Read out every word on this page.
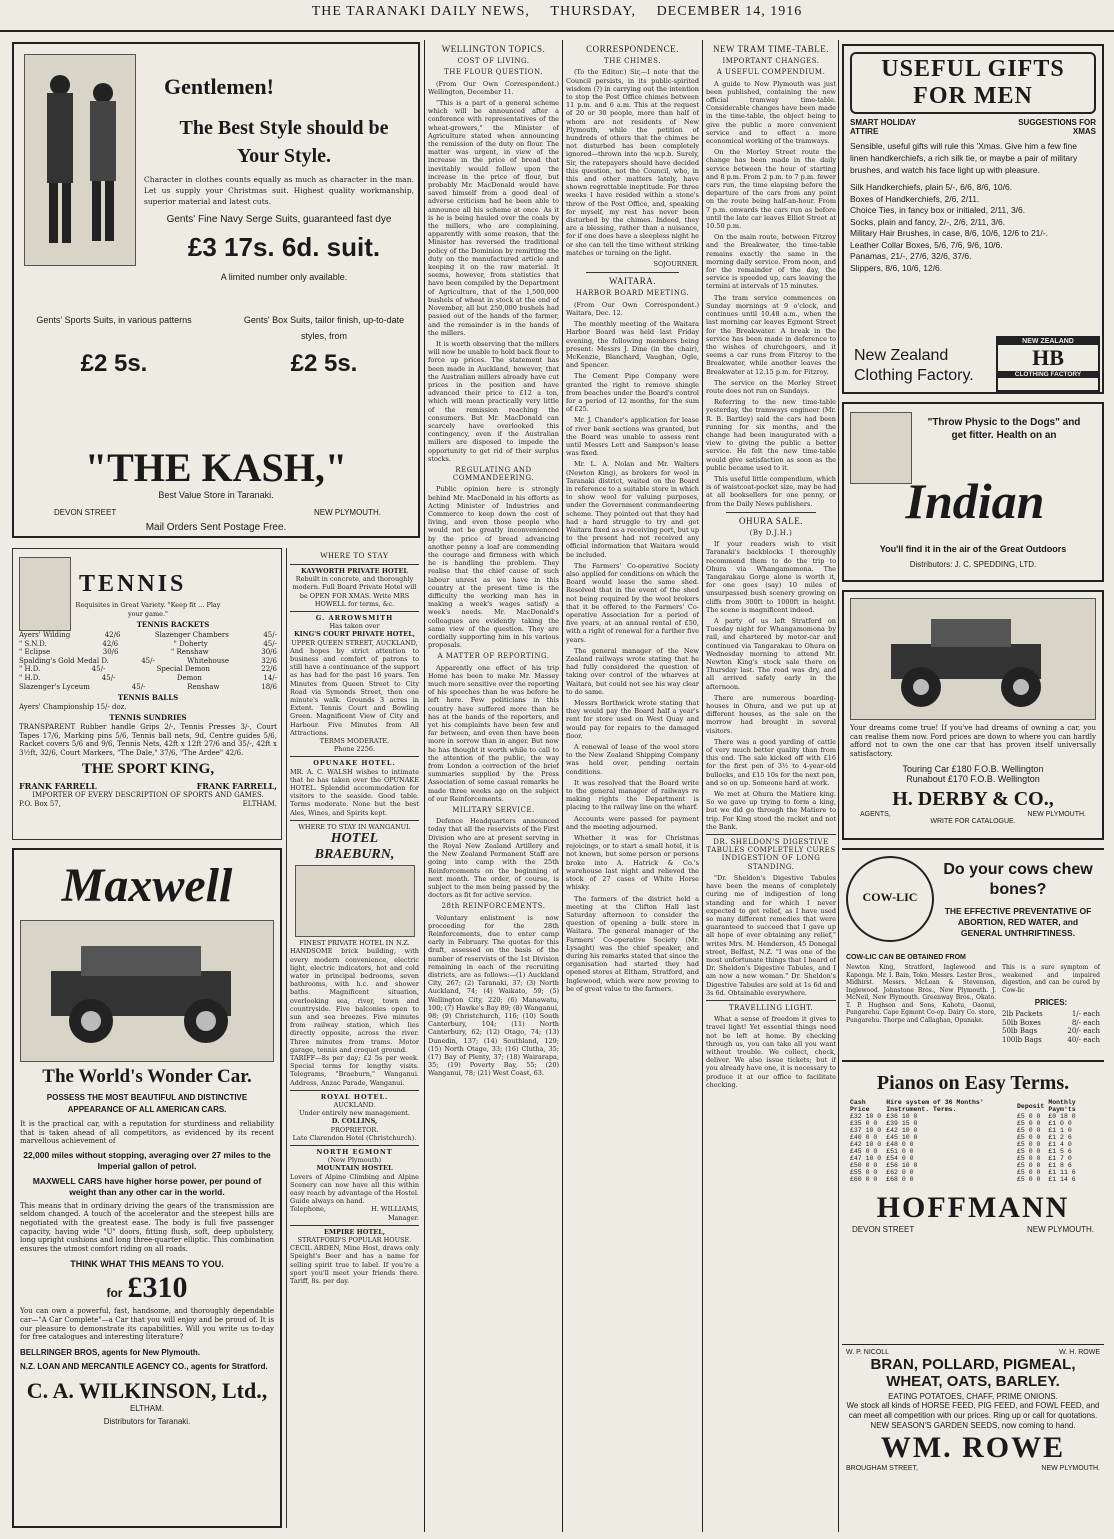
THE TARANAKI DAILY NEWS, THURSDAY, DECEMBER 14, 1916
Gentlemen!
The Best Style should be Your Style.
Character in clothes counts equally as much as character in the man. Let us supply your Christmas suit. Highest quality workmanship, superior material and latest cuts.
Gents' Fine Navy Serge Suits, guaranteed fast dye
£3 17s. 6d. suit.
A limited number only available.
Gents' Sports Suits, in various patterns
£2 5s.
Gents' Box Suits, tailor finish, up-to-date styles, from
£2 5s.
"THE KASH,"
Best Value Store in Taranaki.
DEVON STREET	NEW PLYMOUTH.
Mail Orders Sent Postage Free.
TENNIS
Requisites in Great Variety. "Keep fit ... Play your game."
TENNIS RACKETS
Ayers' Wilding	42/6	Slazenger Chambers	45/-
" S.N.D.	42/6	" Doherty	45/-
" Eclipse	30/6	" Renshaw	30/6
Spalding's Gold Medal D.	45/-	Whitehouse	32/6
" H.D.	45/-	Special Demon	22/6
" H.D.	45/-	Demon	14/-
Slazenger's Lyceum	45/-	Renshaw	18/6
TENNIS BALLS
Ayers' Championship 15/- doz.
TENNIS SUNDRIES
TRANSPARENT Rubber handle Grips 2/-, Tennis Presses 3/-, Court Tapes 17/6, Marking pins 5/6, Tennis ball nets, 9d, Centre guides 5/6, Racket covers 5/6 and 9/6, Tennis Nets, 42ft x 12ft 27/6 and 35/-, 42ft x 3½ft, 32/6, Court Markers, "The Dale," 37/6, "The Ardee" 42/6.
THE SPORT KING,
FRANK FARRELL	FRANK FARRELL,
IMPORTER OF EVERY DESCRIPTION OF SPORTS AND GAMES.
P.O. Box 57,	ELTHAM.
WHERE TO STAY
KAYWORTH PRIVATE HOTEL
Rebuilt in concrete, and thoroughly modern. Full Board Private Hotel will be OPEN FOR XMAS. Write MRS HOWELL for terms, &c.
G. ARROWSMITH
Has taken over
KING'S COURT PRIVATE HOTEL,
UPPER QUEEN STREET, AUCKLAND,
And hopes by strict attention to business and comfort of patrons to still have a continuance of the support as has had for the past 16 years. Ten Minutes from Queen Street to City Road via Symonds Street, then one minute's walk. Grounds 3 acres in Extent. Tennis Court and Bowling Green. Magnificent View of City and Harbour. Five Minutes from All Attractions.
TERMS MODERATE.
Phone 2256.
OPUNAKE HOTEL.
MR. A. C. WALSH wishes to intimate that he has taken over the OPUNAKE HOTEL. Splendid accommodation for visitors to the seaside. Good table. Terms moderate. None but the best Ales, Wines, and Spirits kept.
WHERE TO STAY IN WANGANUI.
HOTEL BRAEBURN,
FINEST PRIVATE HOTEL IN N.Z.
HANDSOME brick building, with every modern convenience, electric light, electric indicators, hot and cold water in principal bedrooms, seven bathrooms, with h.c. and shower baths. Magnificent situation, overlooking sea, river, town and countryside. Five balconies open to sun and sea breezes. Five minutes from railway station, which lies directly opposite, across the river. Three minutes from trams. Motor garage, tennis and croquet ground.
TARIFF—8s per day; £2 5s per week. Special terms for lengthy visits. Telegrams, "Braeburn," Wanganui. Address, Anzac Parade, Wanganui.
ROYAL HOTEL.
AUCKLAND.
Under entirely new management.
D. COLLINS,
PROPRIETOR.
Late Clarendon Hotel (Christchurch).
NORTH EGMONT
(New Plymouth)
MOUNTAIN HOSTEL
Lovers of Alpine Climbing and Alpine Scenery can now have all this within easy reach by advantage of the Hostel. Guide always on hand.
Telephone,	H. WILLIAMS,
Manager.
EMPIRE HOTEL,
STRATFORD'S POPULAR HOUSE.
CECIL ARDEN, Mine Host, draws only Speight's Beer and has a name for selling spirit true to label. If you're a sport you'll meet your friends there. Tariff, 8s. per day.
Maxwell
The World's Wonder Car.
POSSESS THE MOST BEAUTIFUL AND DISTINCTIVE APPEARANCE OF ALL AMERICAN CARS.
It is the practical car, with a reputation for sturdiness and reliability that is taken ahead of all competitors, as evidenced by its recent marvellous achievement of
22,000 miles without stopping, averaging over 27 miles to the Imperial gallon of petrol.
MAXWELL CARS have higher horse power, per pound of weight than any other car in the world.
This means that in ordinary driving the gears of the transmission are seldom changed. A touch of the accelerator and the steepest hills are negotiated with the greatest ease. The body is full five passenger capacity, having wide "U" doors, fitting flush, soft, deep upholstery, long upright cushions and long three-quarter elliptic. This combination ensures the utmost comfort riding on all roads.
THINK WHAT THIS MEANS TO YOU.
for £310
You can own a powerful, fast, handsome, and thoroughly dependable car—"A Car Complete"—a Car that you will enjoy and be proud of. It is our pleasure to demonstrate its capabilities. Will you write us to-day for free catalogues and interesting literature?
BELLRINGER BROS, agents for New Plymouth.
N.Z. LOAN AND MERCANTILE AGENCY CO., agents for Stratford.
C. A. WILKINSON, Ltd.,
ELTHAM.
Distributors for Taranaki.
WELLINGTON TOPICS.
COST OF LIVING.
THE FLOUR QUESTION.

(From Our Own Correspondent.) Wellington, December 11.

"This is a part of a general scheme which will be announced after a conference with representatives of the wheat-growers," the Minister of Agriculture stated when announcing the remission of the duty on flour. The matter was urgent, in view of the increase in the price of bread that inevitably would follow upon the increase in the price of flour, but probably Mr. MacDonald would have saved himself from a good deal of adverse criticism had he been able to announce all his scheme at once. As it is he is being hauled over the coals by the millers, who are complaining, apparently with some reason, that the Minister has reversed the traditional policy of the Dominion by remitting the duty on the manufactured article and keeping it on the raw material. It seems, however, from statistics that have been compiled by the Department of Agriculture, that of the 1,500,000 bushels of wheat in stock at the end of November, all but 250,000 bushels had passed out of the hands of the farmer, and the remainder is in the hands of the millers.

It is worth observing that the millers will now be unable to hold back flour to force up prices. The statement has been made in Auckland, however, that the Australian millers already have cut prices in the position and have advanced their price to £12 a ton, which will mean practically very little of the remission reaching the consumers. But Mr. MacDonald can scarcely have overlooked this contingency, even if the Australian millers are disposed to impede the opportunity to get rid of their surplus stocks.

REGULATING AND COMMANDEERING.

Public opinion here is strongly behind Mr. MacDonald in his efforts as Acting Minister of Industries and Commerce to keep down the cost of living, and even those people who would not be greatly inconvenienced by the price of bread advancing another penny a loaf are commending the courage and firmness with which he is handling the problem. They realise that the chief cause of such labour unrest as we have in this country at the present time is the difficulty the working man has in making a week's wages satisfy a week's needs. Mr. MacDonald's colleagues are evidently taking the same view of the question. They are cordially supporting him in his various proposals.

A MATTER OF REPORTING.

Apparently one effect of his trip Home has been to make Mr. Massey much more sensitive over the reporting of his speeches than he was before he left here. Few politicians in this country have suffered more than he has at the hands of the reporters, and yet his complaints have been few and far between, and even then have been more in sorrow than in anger. But now he has thought it worth while to call to the attention of the public, the way from London a correction of the brief summaries supplied by the Press Association of some casual remarks he made three weeks ago on the subject of our Reinforcements.

MILITARY SERVICE.

Defence Headquarters announced today that all the reservists of the First Division who are at present serving in the Royal New Zealand Artillery and the New Zealand Permanent Staff are going into camp with the 25th Reinforcements on the beginning of next month. The order, of course, is subject to the men being passed by the doctors as fit for active service.

28th REINFORCEMENTS.

Voluntary enlistment is now proceeding for the 28th Reinforcements, due to enter camp early in February. The quotas for this draft, assessed on the basis of the number of reservists of the 1st Division remaining in each of the recruiting districts, are as follows:—(1) Auckland City, 267; (2) Taranaki, 37; (3) North Auckland, 74; (4) Waikato, 59; (5) Wellington City, 220; (6) Manawatu, 100; (7) Hawke's Bay 89; (8) Wanganui, 98; (9) Christchurch, 116; (10) South Canterbury, 104; (11) North Canterbury, 62; (12) Otago, 74; (13) Dunedin, 137; (14) Southland, 129; (15) North Otago, 33; (16) Clutha, 35; (17) Bay of Plenty, 37; (18) Wairarapa, 35; (19) Poverty Bay, 55; (20) Wanganui, 78; (21) West Coast, 63.

CORRESPONDENCE.
THE CHIMES.

(To the Editor.) Sir,—I note that the Council persists, in its public-spirited wisdom (?) in carrying out the intention to stop the Post Office chimes between 11 p.m. and 6 a.m. This at the request of 20 or 30 people, more than half of whom are not residents of New Plymouth, while the petition of hundreds of others that the chimes be not disturbed has been completely ignored—thrown into the w.p.b. Surely, Sir, the ratepayers should have decided this question, not the Council, who, in this and other matters lately, have shown regrettable ineptitude. For three weeks I have resided within a stone's throw of the Post Office, and, speaking for myself, my rest has never been disturbed by the chimes. Indeed, they are a blessing, rather than a nuisance, for if one does have a sleepless night he or she can tell the time without striking matches or turning on the light.

SOJOURNER.
WAITARA.
HARBOR BOARD MEETING.

(From Our Own Correspondent.) Waitara, Dec. 12.

The monthly meeting of the Waitara Harbor Board was held last Friday evening, the following members being present: Messrs J. Dine (in the chair), McKenzie, Blanchard, Vaughan, Ogle, and Spencer.

The Cement Pipe Company were granted the right to remove shingle from beaches under the Board's control for a period of 12 months, for the sum of £25.

Mr. J. Chander's application for lease of river bank sections was granted, but the Board was unable to assess rent until Messrs Lett and Sampson's lease was fixed.

Mr. L. A. Nolan and Mr. Walters (Newton King), as brokers for wool in Taranaki district, waited on the Board in reference to a suitable store in which to show wool for valuing purposes, under the Government commandeering scheme. They pointed out that they had had a hard struggle to try and get Waitara fixed as a receiving port, but up to the present had not received any official information that Waitara would be included.

The Farmers' Co-operative Society also applied for conditions on which the Board would lease the same shed. Resolved that in the event of the shed not being required by the wool brokers that it be offered to the Farmers' Co-operative Association for a period of five years, at an annual rental of £50, with a right of renewal for a further five years.

The general manager of the New Zealand railways wrote stating that he had fully considered the question of taking over control of the wharves at Waitara, but could not see his way clear to do same.

Messrs Borthwick wrote stating that they would pay the Board half a year's rent for store used on West Quay and would pay for repairs to the damaged floor.

A renewal of lease of the wool store to the New Zealand Shipping Company was held over, pending certain conditions.

It was resolved that the Board write to the general manager of railways re making rights the Department is placing to the railway line on the wharf.

Accounts were passed for payment and the meeting adjourned.

Whether it was for Christmas rejoicings, or to start a small hotel, it is not known, but some person or persons broke into A. Hatrick & Co.'s warehouse last night and relieved the stock of 27 cases of White Horse whisky.

The farmers of the district held a meeting at the Clifton Hall last Saturday afternoon to consider the question of opening a bulk store in Waitara. The general manager of the Farmers' Co-operative Society (Mr. Lysaght) was the chief speaker, and during his remarks stated that since the organisation had started they had opened stores at Eltham, Stratford, and Inglewood, which were now proving to be of great value to the farmers.

NEW TRAM TIME-TABLE.
IMPORTANT CHANGES.
A USEFUL COMPENDIUM.

A guide to New Plymouth was just been published, containing the new official tramway time-table. Considerable changes have been made in the time-table, the object being to give the public a more convenient service and to effect a more economical working of the tramways.

On the Morley Street route the change has been made in the daily service between the hour of starting and 8 p.m. From 2 p.m. to 7 p.m. fewer cars run, the time elapsing before the departure of the cars from any point on the route being half-an-hour. From 7 p.m. onwards the cars run as before until the late car leaves Elliot Street at 10.50 p.m.

On the main route, between Fitzroy and the Breakwater, the time-table remains exactly the same in the morning daily service. From noon, and for the remainder of the day, the service is speeded up, cars leaving the termini at intervals of 15 minutes.

The tram service commences on Sunday mornings at 9 o'clock, and continues until 10.48 a.m., when the last morning car leaves Egmont Street for the Breakwater. A break in the service has been made in deference to the wishes of churchgoers, and it seems a car runs from Fitzroy to the Breakwater, while another leaves the Breakwater at 12.15 p.m. for Fitzroy.

The service on the Morley Street route does not run on Sundays.

Referring to the new time-table yesterday, the tramways engineer (Mr. R. B. Bartley) said the cars had been running for six months, and the change had been inaugurated with a view to giving the public a better service. He felt the new time-table would give satisfaction as soon as the public became used to it.

This useful little compendium, which is of waistcoat-pocket size, may be had at all booksellers for one penny, or from the Daily News publishers.

OHURA SALE.
(By D.J.H.)

If your readers wish to visit Taranaki's backblocks I thoroughly recommend them to do the trip to Ohura via Whangamomona. The Tangarakau Gorge alone is worth it, for one goes (say) 10 miles of unsurpassed bush scenery growing on cliffs from 300ft to 1000ft in height. The scene is magnificent indeed.

A party of us left Stratford on Tuesday night for Whangamomona by rail, and chartered by motor-car and continued via Tangarakau to Ohura on Wednesday morning to attend Mr. Newton King's stock sale there on Thursday last. The road was dry, and all arrived safely early in the afternoon.

There are numerous boarding-houses in Ohura, and we put up at different houses, as the sale on the morrow had brought in several visitors.

There was a good yarding of cattle of very much better quality than from this end. The sale kicked off with £16 for the first pen of 3½ to 4-year-old bullocks, and £15 10s for the next pen, and so on up. Someone hard at work.

We met at Ohura the Matiere king. So we gave up trying to form a king, but we did go through the Matiere to trip. For King stood the racket and not the Bank.

DR. SHELDON'S DIGESTIVE TABULES COMPLETELY CURES INDIGESTION OF LONG STANDING.

"Dr. Sheldon's Digestive Tabules have been the means of completely curing me of indigestion of long standing and for which I never expected to get relief, as I have used so many different remedies that were guaranteed to succeed that I gave up all hope of ever obtaining any relief," writes Mrs. M. Henderson, 45 Donegal street, Belfast, N.Z. "I was one of the most unfortunate things that I heard of Dr. Sheldon's Digestive Tabules, and I am now a new woman." Dr. Sheldon's Digestive Tabules are sold at 1s 6d and 3s 6d. Obtainable everywhere.

TRAVELLING LIGHT.

What a sense of freedom it gives to travel light! Yet essential things need not be left at home. By checking through us, you can take all you want without trouble. We collect, check, deliver. We also issue tickets; but if you already have one, it is necessary to produce it at our office to facilitate checking.

USEFUL GIFTS FOR MEN
SMART HOLIDAY ATTIRE
SUGGESTIONS FOR XMAS
Sensible, useful gifts will rule this 'Xmas. Give him a few fine linen handkerchiefs, a rich silk tie, or maybe a pair of military brushes, and watch his face light up with pleasure.
Silk Handkerchiefs, plain 5/-, 6/6, 8/6, 10/6.
Boxes of Handkerchiefs, 2/6, 2/11.
Choice Ties, in fancy box or initialed, 2/11, 3/6.
Socks, plain and fancy, 2/-, 2/6, 2/11, 3/6.
Military Hair Brushes, in case, 8/6, 10/6, 12/6 to 21/-.
Leather Collar Boxes, 5/6, 7/6, 9/6, 10/6.
Panamas, 21/-, 27/6, 32/6, 37/6.
Slippers, 8/6, 10/6, 12/6.
New Zealand Clothing Factory.
NEW ZEALAND
HB
CLOTHING FACTORY
"Throw Physic to the Dogs" and get fitter. Health on an
Indian
You'll find it in the air of the Great Outdoors
Distributors: J. C. SPEDDING, LTD.
Your dreams come true! If you've had dreams of owning a car, you can realise them now. Ford prices are down to where you can hardly afford not to own the one car that has proven itself universally satisfactory.
Touring Car £180 F.O.B. Wellington
Runabout £170 F.O.B. Wellington
H. DERBY & CO.,
AGENTS,	NEW PLYMOUTH.
WRITE FOR CATALOGUE.
COW-LIC
Do your cows chew bones?
THE EFFECTIVE PREVENTATIVE OF ABORTION, RED WATER, and GENERAL UNTHRIFTINESS.
COW-LIC CAN BE OBTAINED FROM
Newton King, Stratford, Inglewood and Kaponga. Mr. I. Bain, Toko. Messrs. Lester Bros., Midhirst. Messrs. McLean & Stevenson, Inglewood. Johnstone Bros., New Plymouth. J. McNeil, New Plymouth. Greenway Bros., Okato. T. P. Hughson and Sons, Kahotu, Oaonui, Pungarehu. Cape Egmont Co-op. Dairy Co. store, Pungarehu. Thorpe and Callaghan, Opunake.
This is a sure symptom of weakened and impaired digestion, and can be cured by Cow-lic
PRICES:
2lb Packets	1/- each
50lb Boxes	8/- each
50lb Bags	20/- each
100lb Bags	40/- each
Pianos on Easy Terms.
Cash Price	Hire system of 36 Months' Instrument. Terms.	Deposit	Monthly Paym'ts
£32 10 0	£36 10 0	£5 0 0	£0 18 0
£35 0 0	£39 15 0	£5 0 0	£1 0 0
£37 10 0	£42 10 0	£5 0 0	£1 1 0
£40 0 0	£45 10 0	£5 0 0	£1 2 6
£42 10 0	£48 0 0	£5 0 0	£1 4 0
£45 0 0	£51 0 0	£5 0 0	£1 5 6
£47 10 0	£54 0 0	£5 0 0	£1 7 0
£50 0 0	£56 10 0	£5 0 0	£1 8 6
£55 0 0	£62 0 0	£5 0 0	£1 11 6
£60 0 0	£68 0 0	£5 0 0	£1 14 6
HOFFMANN
DEVON STREET	NEW PLYMOUTH.
W. P. NICOLL	W. H. ROWE
BRAN, POLLARD, PIGMEAL,
WHEAT, OATS, BARLEY.
EATING POTATOES, CHAFF, PRIME ONIONS.
We stock all kinds of HORSE FEED, PIG FEED, and FOWL FEED, and can meet all competition with our prices. Ring up or call for quotations.
NEW SEASON'S GARDEN SEEDS, now coming to hand.
WM. ROWE
BROUGHAM STREET,	NEW PLYMOUTH.
